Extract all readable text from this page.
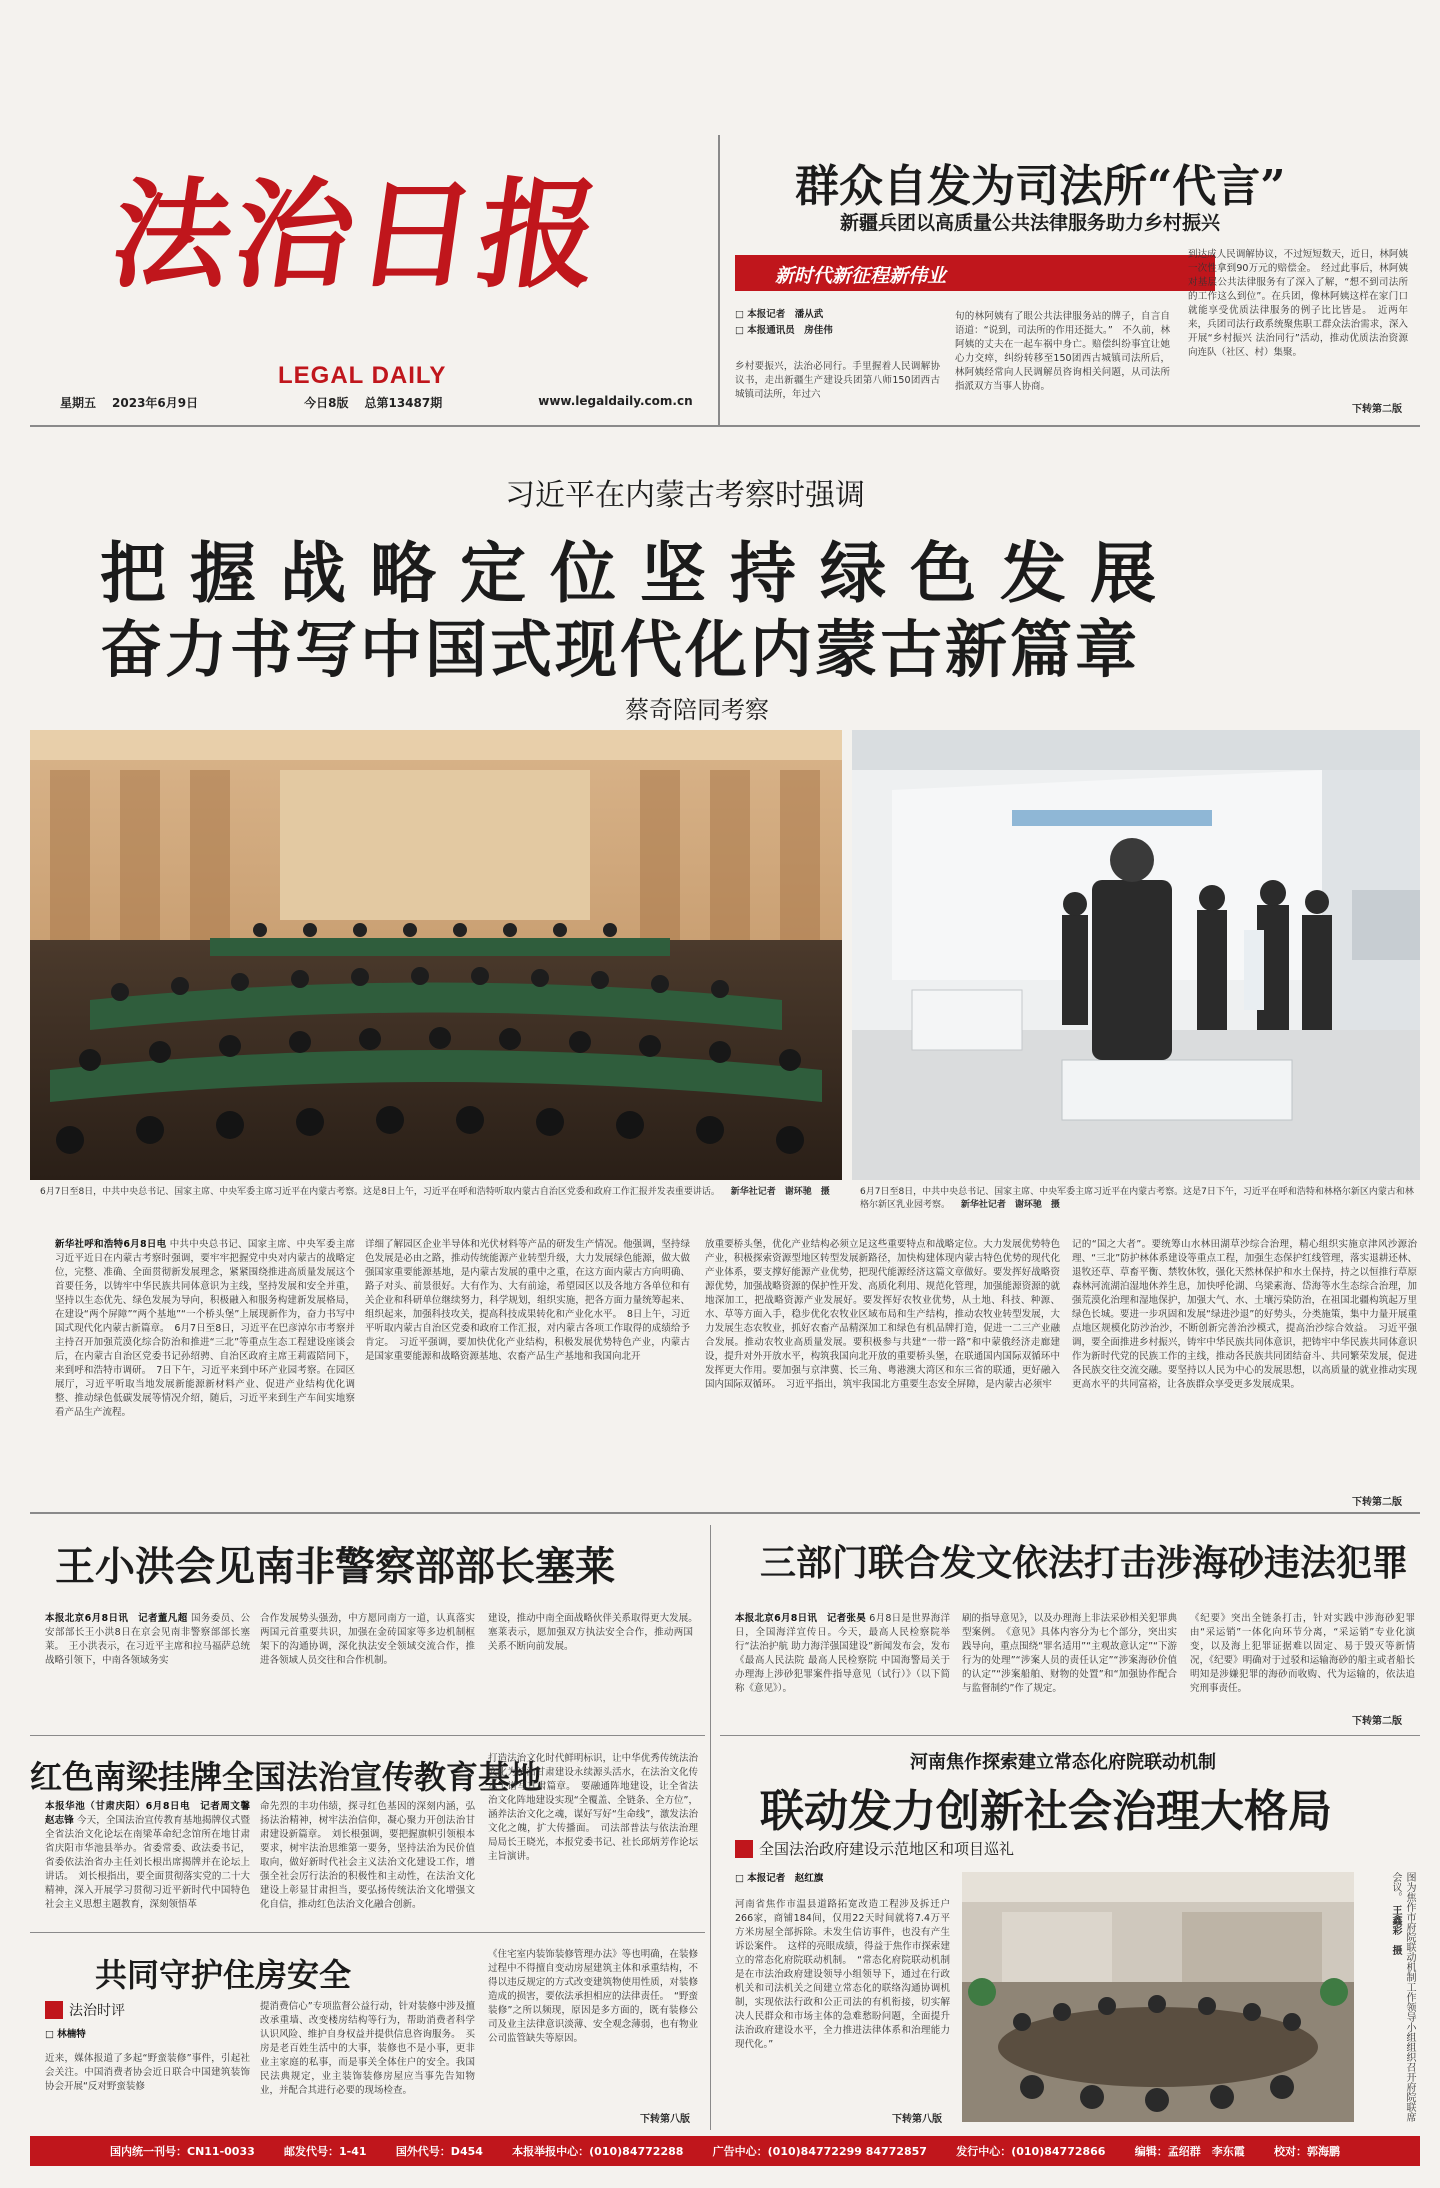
法治日报
LEGAL DAILY
星期五 2023年6月9日	今日8版 总第13487期	www.legaldaily.com.cn
群众自发为司法所“代言”
新疆兵团以高质量公共法律服务助力乡村振兴
新时代新征程新伟业
□ 本报记者　潘从武
□ 本报通讯员　房佳伟
乡村要振兴，法治必同行。手里握着人民调解协议书，走出新疆生产建设兵团第八师150团西古城镇司法所，年过六
旬的林阿姨有了眼公共法律服务站的牌子，自言自语道：“说到，司法所的作用还挺大。”　不久前，林阿姨的丈夫在一起车祸中身亡。赔偿纠纷事宜让她心力交瘁，纠纷转移至150团西古城镇司法所后，林阿姨经常向人民调解员咨询相关问题，从司法所指派双方当事人协商。
到达成人民调解协议，不过短短数天，近日，林阿姨一次性拿到90万元的赔偿金。　经过此事后，林阿姨对基层公共法律服务有了深入了解，“想不到司法所的工作这么到位”。在兵团，像林阿姨这样在家门口就能享受优质法律服务的例子比比皆是。　近两年来，兵团司法行政系统聚焦职工群众法治需求，深入开展“乡村振兴 法治同行”活动，推动优质法治资源向连队（社区、村）集聚。
下转第二版
习近平在内蒙古考察时强调
把握战略定位坚持绿色发展
奋力书写中国式现代化内蒙古新篇章
蔡奇陪同考察
6月7日至8日，中共中央总书记、国家主席、中央军委主席习近平在内蒙古考察。这是8日上午，习近平在呼和浩特听取内蒙古自治区党委和政府工作汇报并发表重要讲话。 新华社记者　谢环驰　摄	6月7日至8日，中共中央总书记、国家主席、中央军委主席习近平在内蒙古考察。这是7日下午，习近平在呼和浩特和林格尔新区内蒙古和林格尔新区乳业园考察。 新华社记者　谢环驰　摄
新华社呼和浩特6月8日电 中共中央总书记、国家主席、中央军委主席习近平近日在内蒙古考察时强调，要牢牢把握党中央对内蒙古的战略定位，完整、准确、全面贯彻新发展理念，紧紧围绕推进高质量发展这个首要任务，以铸牢中华民族共同体意识为主线，坚持发展和安全并重，坚持以生态优先、绿色发展为导向，积极融入和服务构建新发展格局，在建设“两个屏障”“两个基地”“一个桥头堡”上展现新作为，奋力书写中国式现代化内蒙古新篇章。　6月7日至8日，习近平在巴彦淖尔市考察并主持召开加强荒漠化综合防治和推进“三北”等重点生态工程建设座谈会后，在内蒙古自治区党委书记孙绍骋、自治区政府主席王莉霞陪同下，来到呼和浩特市调研。　7日下午，习近平来到中环产业园考察。在园区展厅，习近平听取当地发展新能源新材料产业、促进产业结构优化调整、推动绿色低碳发展等情况介绍，随后，习近平来到生产车间实地察看产品生产流程。
详细了解园区企业半导体和光伏材料等产品的研发生产情况。他强调，坚持绿色发展是必由之路，推动传统能源产业转型升级，大力发展绿色能源，做大做强国家重要能源基地，是内蒙古发展的重中之重，在这方面内蒙古方向明确、路子对头、前景很好。大有作为、大有前途，希望园区以及各地方各单位和有关企业和科研单位继续努力，科学规划，组织实施，把各方面力量统筹起来、组织起来，加强科技攻关，提高科技成果转化和产业化水平。　8日上午，习近平听取内蒙古自治区党委和政府工作汇报，对内蒙古各项工作取得的成绩给予肯定。　习近平强调，要加快优化产业结构，积极发展优势特色产业，内蒙古是国家重要能源和战略资源基地、农畜产品生产基地和我国向北开
放重要桥头堡，优化产业结构必须立足这些重要特点和战略定位。大力发展优势特色产业，积极探索资源型地区转型发展新路径，加快构建体现内蒙古特色优势的现代化产业体系，要支撑好能源产业优势，把现代能源经济这篇文章做好。要发挥好战略资源优势，加强战略资源的保护性开发、高质化利用、规范化管理，加强能源资源的就地深加工，把战略资源产业发展好。要发挥好农牧业优势，从土地、科技、种源、水、草等方面入手，稳步优化农牧业区域布局和生产结构，推动农牧业转型发展，大力发展生态农牧业，抓好农畜产品精深加工和绿色有机品牌打造，促进一二三产业融合发展。推动农牧业高质量发展。要积极参与共建“一带一路”和中蒙俄经济走廊建设，提升对外开放水平，构筑我国向北开放的重要桥头堡，在联通国内国际双循环中发挥更大作用。要加强与京津冀、长三角、粤港澳大湾区和东三省的联通，更好融入国内国际双循环。　习近平指出，筑牢我国北方重要生态安全屏障，是内蒙古必须牢
记的“国之大者”。要统筹山水林田湖草沙综合治理，精心组织实施京津风沙源治理、“三北”防护林体系建设等重点工程，加强生态保护红线管理，落实退耕还林、退牧还草、草畜平衡、禁牧休牧，强化天然林保护和水土保持，持之以恒推行草原森林河流湖泊湿地休养生息，加快呼伦湖、乌梁素海、岱海等水生态综合治理，加强荒漠化治理和湿地保护，加强大气、水、土壤污染防治，在祖国北疆构筑起万里绿色长城。要进一步巩固和发展“绿进沙退”的好势头，分类施策，集中力量开展重点地区规模化防沙治沙，不断创新完善治沙模式，提高治沙综合效益。　习近平强调，要全面推进乡村振兴，铸牢中华民族共同体意识，把铸牢中华民族共同体意识作为新时代党的民族工作的主线，推动各民族共同团结奋斗、共同繁荣发展，促进各民族交往交流交融。要坚持以人民为中心的发展思想，以高质量的就业推动实现更高水平的共同富裕，让各族群众享受更多发展成果。
下转第二版
王小洪会见南非警察部部长塞莱
本报北京6月8日讯　记者董凡超 国务委员、公安部部长王小洪8日在京会见南非警察部部长塞莱。　王小洪表示，在习近平主席和拉马福萨总统战略引领下，中南各领域务实
合作发展势头强劲，中方愿同南方一道，认真落实两国元首重要共识，加强在金砖国家等多边机制框架下的沟通协调，深化执法安全领域交流合作，推进各领域人员交往和合作机制。
建设，推动中南全面战略伙伴关系取得更大发展。　塞莱表示，愿加强双方执法安全合作，推动两国关系不断向前发展。
三部门联合发文依法打击涉海砂违法犯罪
本报北京6月8日讯　记者张昊 6月8日是世界海洋日，全国海洋宣传日。今天，最高人民检察院举行“法治护航 助力海洋强国建设”新闻发布会，发布《最高人民法院 最高人民检察院 中国海警局关于办理海上涉砂犯罪案件指导意见（试行）》（以下简称《意见》）。
刷的指导意见》，以及办理海上非法采砂相关犯罪典型案例。　《意见》具体内容分为七个部分，突出实践导向，重点围绕“罪名适用”“主观故意认定”“下游行为的处理”“涉案人员的责任认定”“涉案海砂价值的认定”“涉案船舶、财物的处置”和“加强协作配合与监督制约”作了规定。
《纪要》突出全链条打击，针对实践中涉海砂犯罪由“采运销”一体化向环节分离，“采运销”专业化演变，以及海上犯罪证据难以固定、易于毁灭等新情况，《纪要》明确对于过驳和运输海砂的船主或者船长明知是涉嫌犯罪的海砂而收购、代为运输的，依法追究刑事责任。
下转第二版
红色南梁挂牌全国法治宣传教育基地
本报华池（甘肃庆阳）6月8日电　记者周文馨　赵志锋 今天，全国法治宣传教育基地揭牌仪式暨全省法治文化论坛在南梁革命纪念馆所在地甘肃省庆阳市华池县举办。省委常委、政法委书记，省委依法治省办主任刘长根出席揭牌并在论坛上讲话。　刘长根指出，要全面贯彻落实党的二十大精神，深入开展学习贯彻习近平新时代中国特色社会主义思想主题教育，深刻领悟革
命先烈的丰功伟绩，探寻红色基因的深刻内涵，弘扬法治精神，树牢法治信仰，凝心聚力开创法治甘肃建设新篇章。　刘长根强调，要把握旗帜引领根本要求，树牢法治思维第一要务，坚持法治为民价值取向，做好新时代社会主义法治文化建设工作，增强全社会厉行法治的积极性和主动性，在法治文化建设上彰显甘肃担当，要弘扬传统法治文化增强文化自信，推动红色法治文化融合创新。
打造法治文化时代鲜明标识，让中华优秀传统法治文化为法治甘肃建设永续源头活水，在法治文化传承上谱写甘肃篇章。　要融通阵地建设，让全省法治文化阵地建设实现“全覆盖、全链条、全方位”，涵养法治文化之魂，谋好写好“生命线”，激发法治文化之魄，扩大传播面。　司法部普法与依法治理局局长王晓光，本报党委书记、社长邱炳芳作论坛主旨演讲。
共同守护住房安全
法治时评
□ 林楠特
近来，媒体报道了多起“野蛮装修”事件，引起社会关注。中国消费者协会近日联合中国建筑装饰协会开展“反对野蛮装修
提消费信心”专项监督公益行动，针对装修中涉及擅改承重墙、改变楼房结构等行为，帮助消费者科学认识风险、维护自身权益并提供信息咨询服务。　买房是老百姓生活中的大事，装修也不是小事，更非业主家庭的私事，而是事关全体住户的安全。我国民法典规定，业主装饰装修房屋应当事先告知物业，并配合其进行必要的现场检查。
《住宅室内装饰装修管理办法》等也明确，在装修过程中不得擅自变动房屋建筑主体和承重结构，不得以违反规定的方式改变建筑物使用性质，对装修造成的损害，要依法承担相应的法律责任。　“野蛮装修”之所以频现，原因是多方面的，既有装修公司及业主法律意识淡薄、安全观念薄弱，也有物业公司监管缺失等原因。
下转第八版
河南焦作探索建立常态化府院联动机制
联动发力创新社会治理大格局
全国法治政府建设示范地区和项目巡礼
□ 本报记者　赵红旗
河南省焦作市温县道路拓宽改造工程涉及拆迁户266家，商铺184间，仅用22天时间就将7.4万平方米房屋全部拆除。未发生信访事件，也没有产生诉讼案件。　这样的亮眼成绩，得益于焦作市探索建立的常态化府院联动机制。　“常态化府院联动机制是在市法治政府建设领导小组领导下，通过在行政机关和司法机关之间建立常态化的联络沟通协调机制，实现依法行政和公正司法的有机衔接，切实解决人民群众和市场主体的急难愁盼问题，全面提升法治政府建设水平，全力推进法律体系和治理能力现代化。”
下转第八版	图为焦作市府院联动机制工作领导小组组织召开府院联席会议。 王鑫彩　摄
国内统一刊号：CN11-0033	邮发代号：1-41	国外代号：D454	本报举报中心：(010)84772288	广告中心：(010)84772299 84772857	发行中心：(010)84772866	编辑：孟绍群　李东霞	校对：郭海鹏
